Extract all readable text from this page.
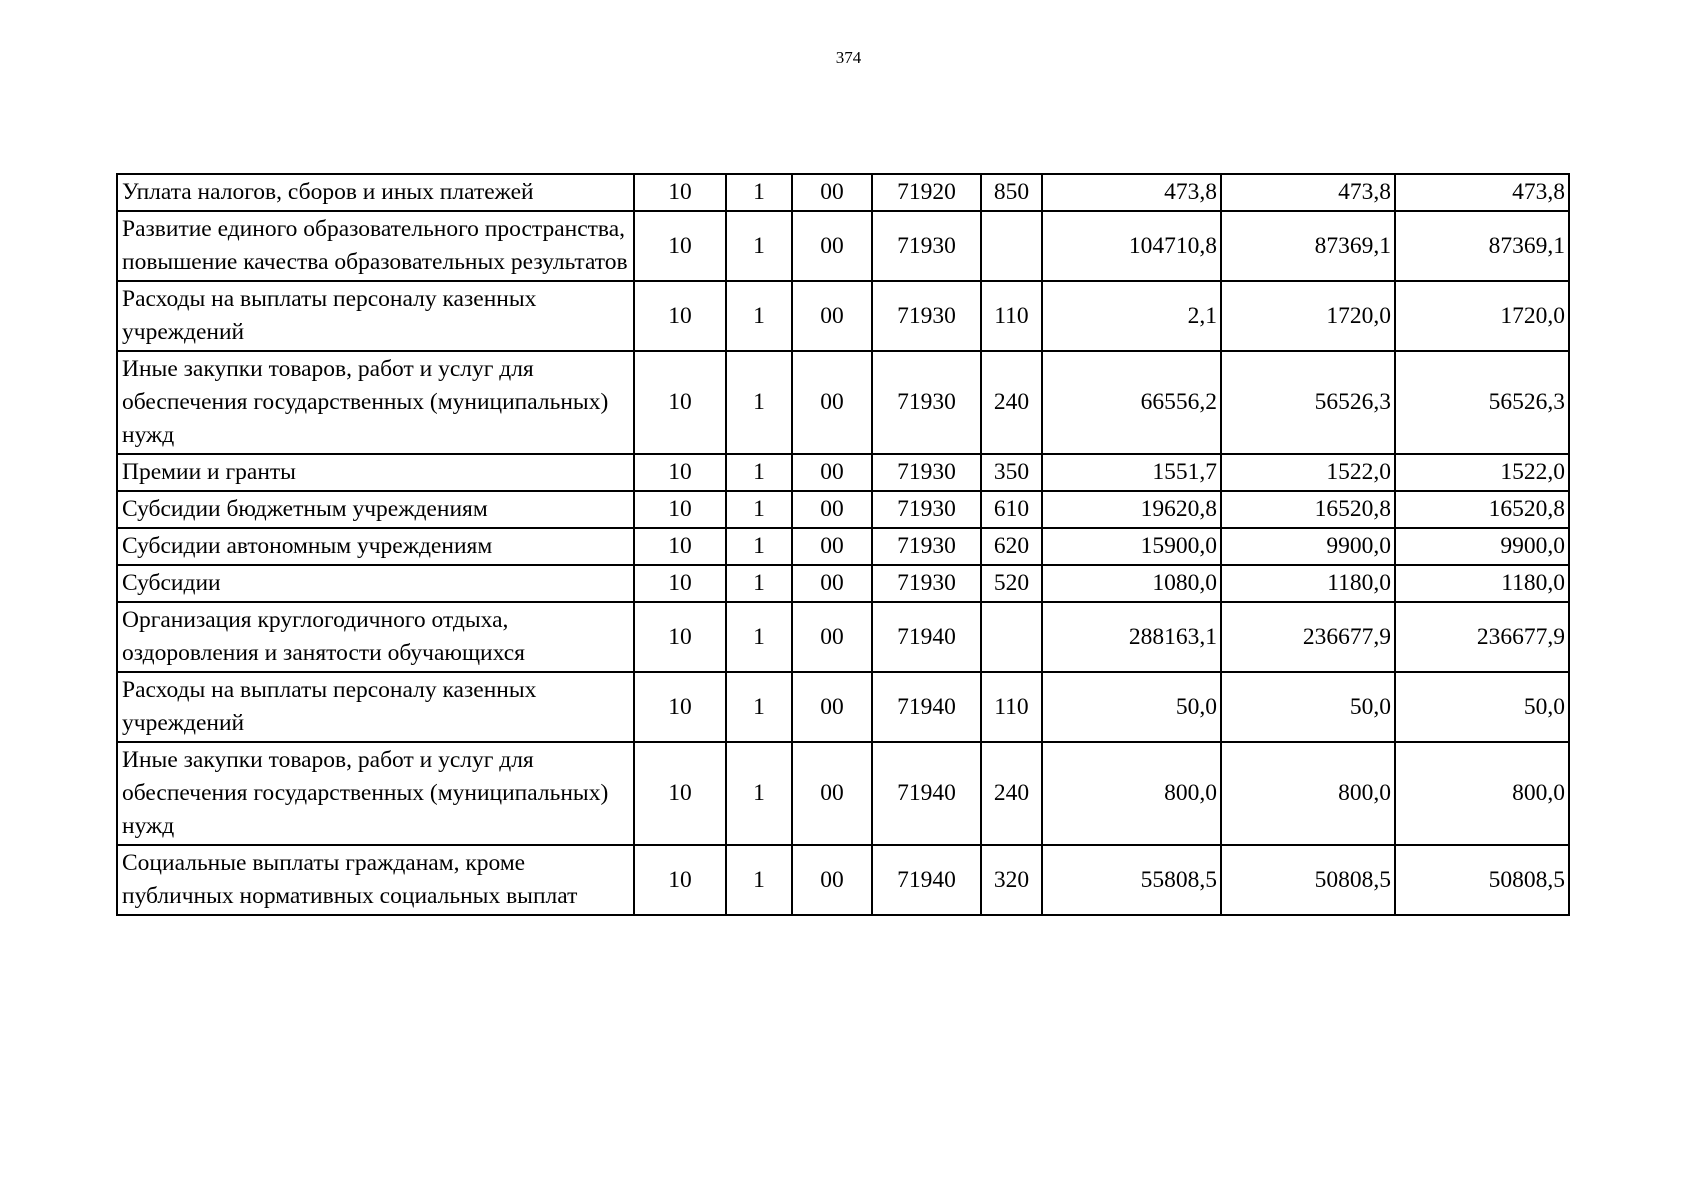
374
Уплата налогов, сборов и иных платежей	10	1	00	71920	850	473,8	473,8	473,8
Развитие единого образовательного пространства, повышение качества образовательных результатов	10	1	00	71930		104710,8	87369,1	87369,1
Расходы на выплаты персоналу казенных учреждений	10	1	00	71930	110	2,1	1720,0	1720,0
Иные закупки товаров, работ и услуг для обеспечения государственных (муниципальных) нужд	10	1	00	71930	240	66556,2	56526,3	56526,3
Премии и гранты	10	1	00	71930	350	1551,7	1522,0	1522,0
Субсидии бюджетным учреждениям	10	1	00	71930	610	19620,8	16520,8	16520,8
Субсидии автономным учреждениям	10	1	00	71930	620	15900,0	9900,0	9900,0
Субсидии	10	1	00	71930	520	1080,0	1180,0	1180,0
Организация круглогодичного отдыха, оздоровления и занятости обучающихся	10	1	00	71940		288163,1	236677,9	236677,9
Расходы на выплаты персоналу казенных учреждений	10	1	00	71940	110	50,0	50,0	50,0
Иные закупки товаров, работ и услуг для обеспечения государственных (муниципальных) нужд	10	1	00	71940	240	800,0	800,0	800,0
Социальные выплаты гражданам, кроме публичных нормативных социальных выплат	10	1	00	71940	320	55808,5	50808,5	50808,5
